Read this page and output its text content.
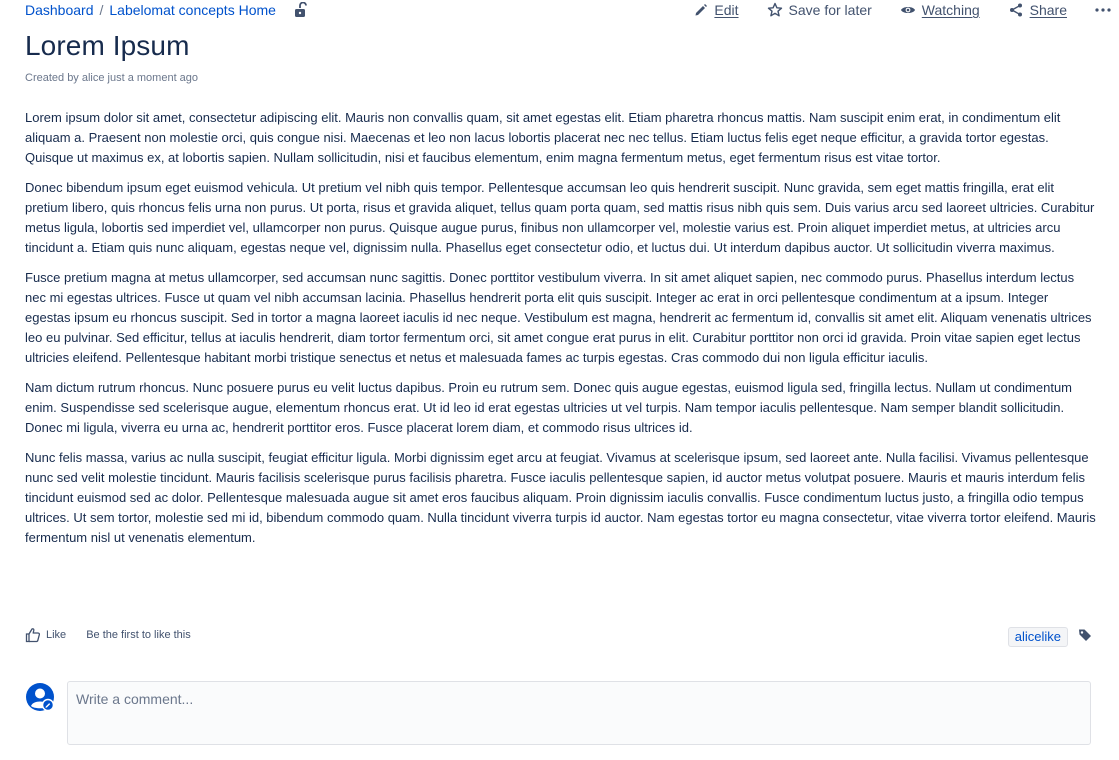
Dashboard / Labelomat concepts Home	Edit	Save for later	Watching	Share
Lorem Ipsum
Created by alice just a moment ago

Lorem ipsum dolor sit amet, consectetur adipiscing elit. Mauris non convallis quam, sit amet egestas elit. Etiam pharetra rhoncus mattis. Nam suscipit enim erat, in condimentum elit aliquam a. Praesent non molestie orci, quis congue nisi. Maecenas et leo non lacus lobortis placerat nec nec tellus. Etiam luctus felis eget neque efficitur, a gravida tortor egestas. Quisque ut maximus ex, at lobortis sapien. Nullam sollicitudin, nisi et faucibus elementum, enim magna fermentum metus, eget fermentum risus est vitae tortor.

Donec bibendum ipsum eget euismod vehicula. Ut pretium vel nibh quis tempor. Pellentesque accumsan leo quis hendrerit suscipit. Nunc gravida, sem eget mattis fringilla, erat elit pretium libero, quis rhoncus felis urna non purus. Ut porta, risus et gravida aliquet, tellus quam porta quam, sed mattis risus nibh quis sem. Duis varius arcu sed laoreet ultricies. Curabitur metus ligula, lobortis sed imperdiet vel, ullamcorper non purus. Quisque augue purus, finibus non ullamcorper vel, molestie varius est. Proin aliquet imperdiet metus, at ultricies arcu tincidunt a. Etiam quis nunc aliquam, egestas neque vel, dignissim nulla. Phasellus eget consectetur odio, et luctus dui. Ut interdum dapibus auctor. Ut sollicitudin viverra maximus.

Fusce pretium magna at metus ullamcorper, sed accumsan nunc sagittis. Donec porttitor vestibulum viverra. In sit amet aliquet sapien, nec commodo purus. Phasellus interdum lectus nec mi egestas ultrices. Fusce ut quam vel nibh accumsan lacinia. Phasellus hendrerit porta elit quis suscipit. Integer ac erat in orci pellentesque condimentum at a ipsum. Integer egestas ipsum eu rhoncus suscipit. Sed in tortor a magna laoreet iaculis id nec neque. Vestibulum est magna, hendrerit ac fermentum id, convallis sit amet elit. Aliquam venenatis ultrices leo eu pulvinar. Sed efficitur, tellus at iaculis hendrerit, diam tortor fermentum orci, sit amet congue erat purus in elit. Curabitur porttitor non orci id gravida. Proin vitae sapien eget lectus ultricies eleifend. Pellentesque habitant morbi tristique senectus et netus et malesuada fames ac turpis egestas. Cras commodo dui non ligula efficitur iaculis.

Nam dictum rutrum rhoncus. Nunc posuere purus eu velit luctus dapibus. Proin eu rutrum sem. Donec quis augue egestas, euismod ligula sed, fringilla lectus. Nullam ut condimentum enim. Suspendisse sed scelerisque augue, elementum rhoncus erat. Ut id leo id erat egestas ultricies ut vel turpis. Nam tempor iaculis pellentesque. Nam semper blandit sollicitudin. Donec mi ligula, viverra eu urna ac, hendrerit porttitor eros. Fusce placerat lorem diam, et commodo risus ultrices id.

Nunc felis massa, varius ac nulla suscipit, feugiat efficitur ligula. Morbi dignissim eget arcu at feugiat. Vivamus at scelerisque ipsum, sed laoreet ante. Nulla facilisi. Vivamus pellentesque nunc sed velit molestie tincidunt. Mauris facilisis scelerisque purus facilisis pharetra. Fusce iaculis pellentesque sapien, id auctor metus volutpat posuere. Mauris et mauris interdum felis tincidunt euismod sed ac dolor. Pellentesque malesuada augue sit amet eros faucibus aliquam. Proin dignissim iaculis convallis. Fusce condimentum luctus justo, a fringilla odio tempus ultrices. Ut sem tortor, molestie sed mi id, bibendum commodo quam. Nulla tincidunt viverra turpis id auctor. Nam egestas tortor eu magna consectetur, vitae viverra tortor eleifend. Mauris fermentum nisl ut venenatis elementum.

Like Be the first to like this	alicelike
Write a comment...
